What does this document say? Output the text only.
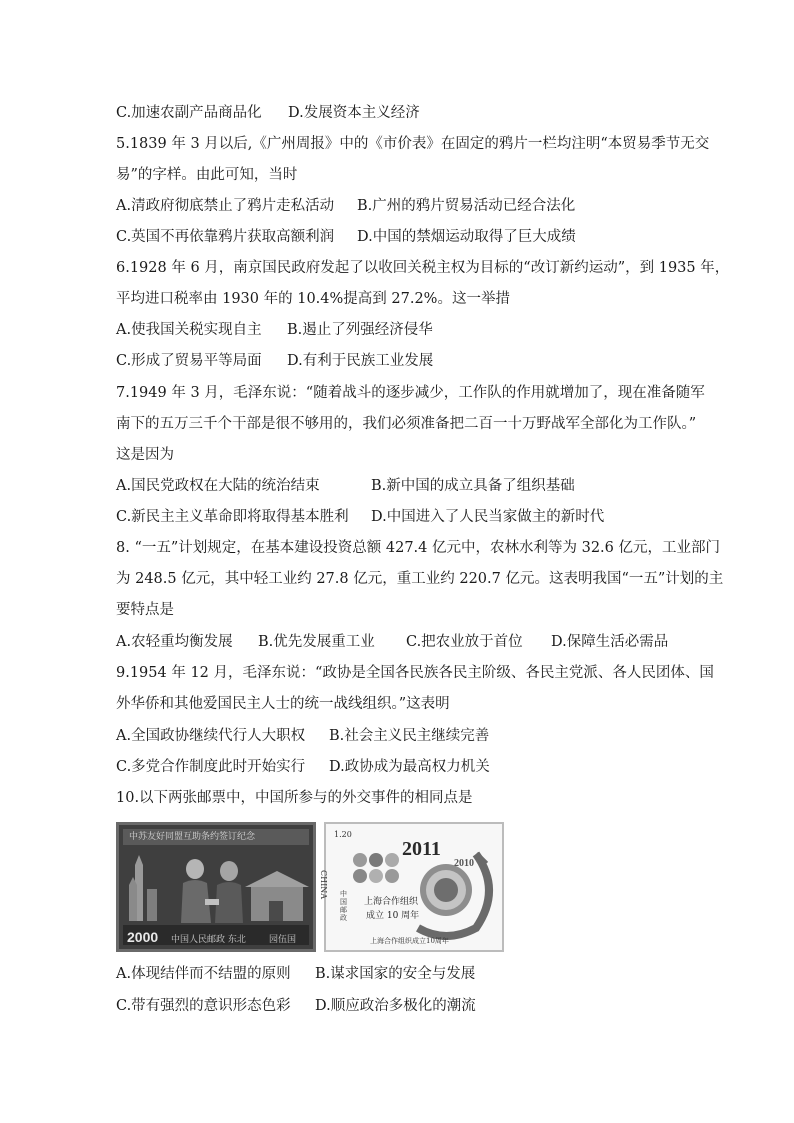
C.加速农副产品商品化 D.发展资本主义经济
5.1839 年 3 月以后,《广州周报》中的《市价表》在固定的鸦片一栏均注明“本贸易季节无交
易”的字样。由此可知，当时
A.清政府彻底禁止了鸦片走私活动 B.广州的鸦片贸易活动已经合法化
C.英国不再依靠鸦片获取高额利润 D.中国的禁烟运动取得了巨大成绩
6.1928 年 6 月，南京国民政府发起了以收回关税主权为目标的“改订新约运动”，到 1935 年，
平均进口税率由 1930 年的 10.4%提高到 27.2%。这一举措
A.使我国关税实现自主 B.遏止了列强经济侵华
C.形成了贸易平等局面 D.有利于民族工业发展
7.1949 年 3 月，毛泽东说：“随着战斗的逐步减少，工作队的作用就增加了，现在准备随军
南下的五万三千个干部是很不够用的，我们必须准备把二百一十万野战军全部化为工作队。”
这是因为
A.国民党政权在大陆的统治结束	B.新中国的成立具备了组织基础
C.新民主主义革命即将取得基本胜利 D.中国进入了人民当家做主的新时代
8. “一五”计划规定，在基本建设投资总额 427.4 亿元中，农林水利等为 32.6 亿元，工业部门
为 248.5 亿元，其中轻工业约 27.8 亿元，重工业约 220.7 亿元。这表明我国“一五”计划的主
要特点是
A.农轻重均衡发展 B.优先发展重工业 C.把农业放于首位 D.保障生活必需品
9.1954 年 12 月，毛泽东说：“政协是全国各民族各民主阶级、各民主党派、各人民团体、国
外华侨和其他爱国民主人士的统一战线组织。”这表明
A.全国政协继续代行人大职权 B.社会主义民主继续完善
C.多党合作制度此时开始实行 D.政协成为最高权力机关
10.以下两张邮票中，中国所参与的外交事件的相同点是
中苏友好同盟互助条约签订纪念
2000 中国人民邮政 东北	园伍国
1.20
2011
2010
CHINA 中国邮政
上海合作组织
成立 10 周年
上海合作组织成立10周年
A.体现结伴而不结盟的原则 B.谋求国家的安全与发展
C.带有强烈的意识形态色彩 D.顺应政治多极化的潮流
